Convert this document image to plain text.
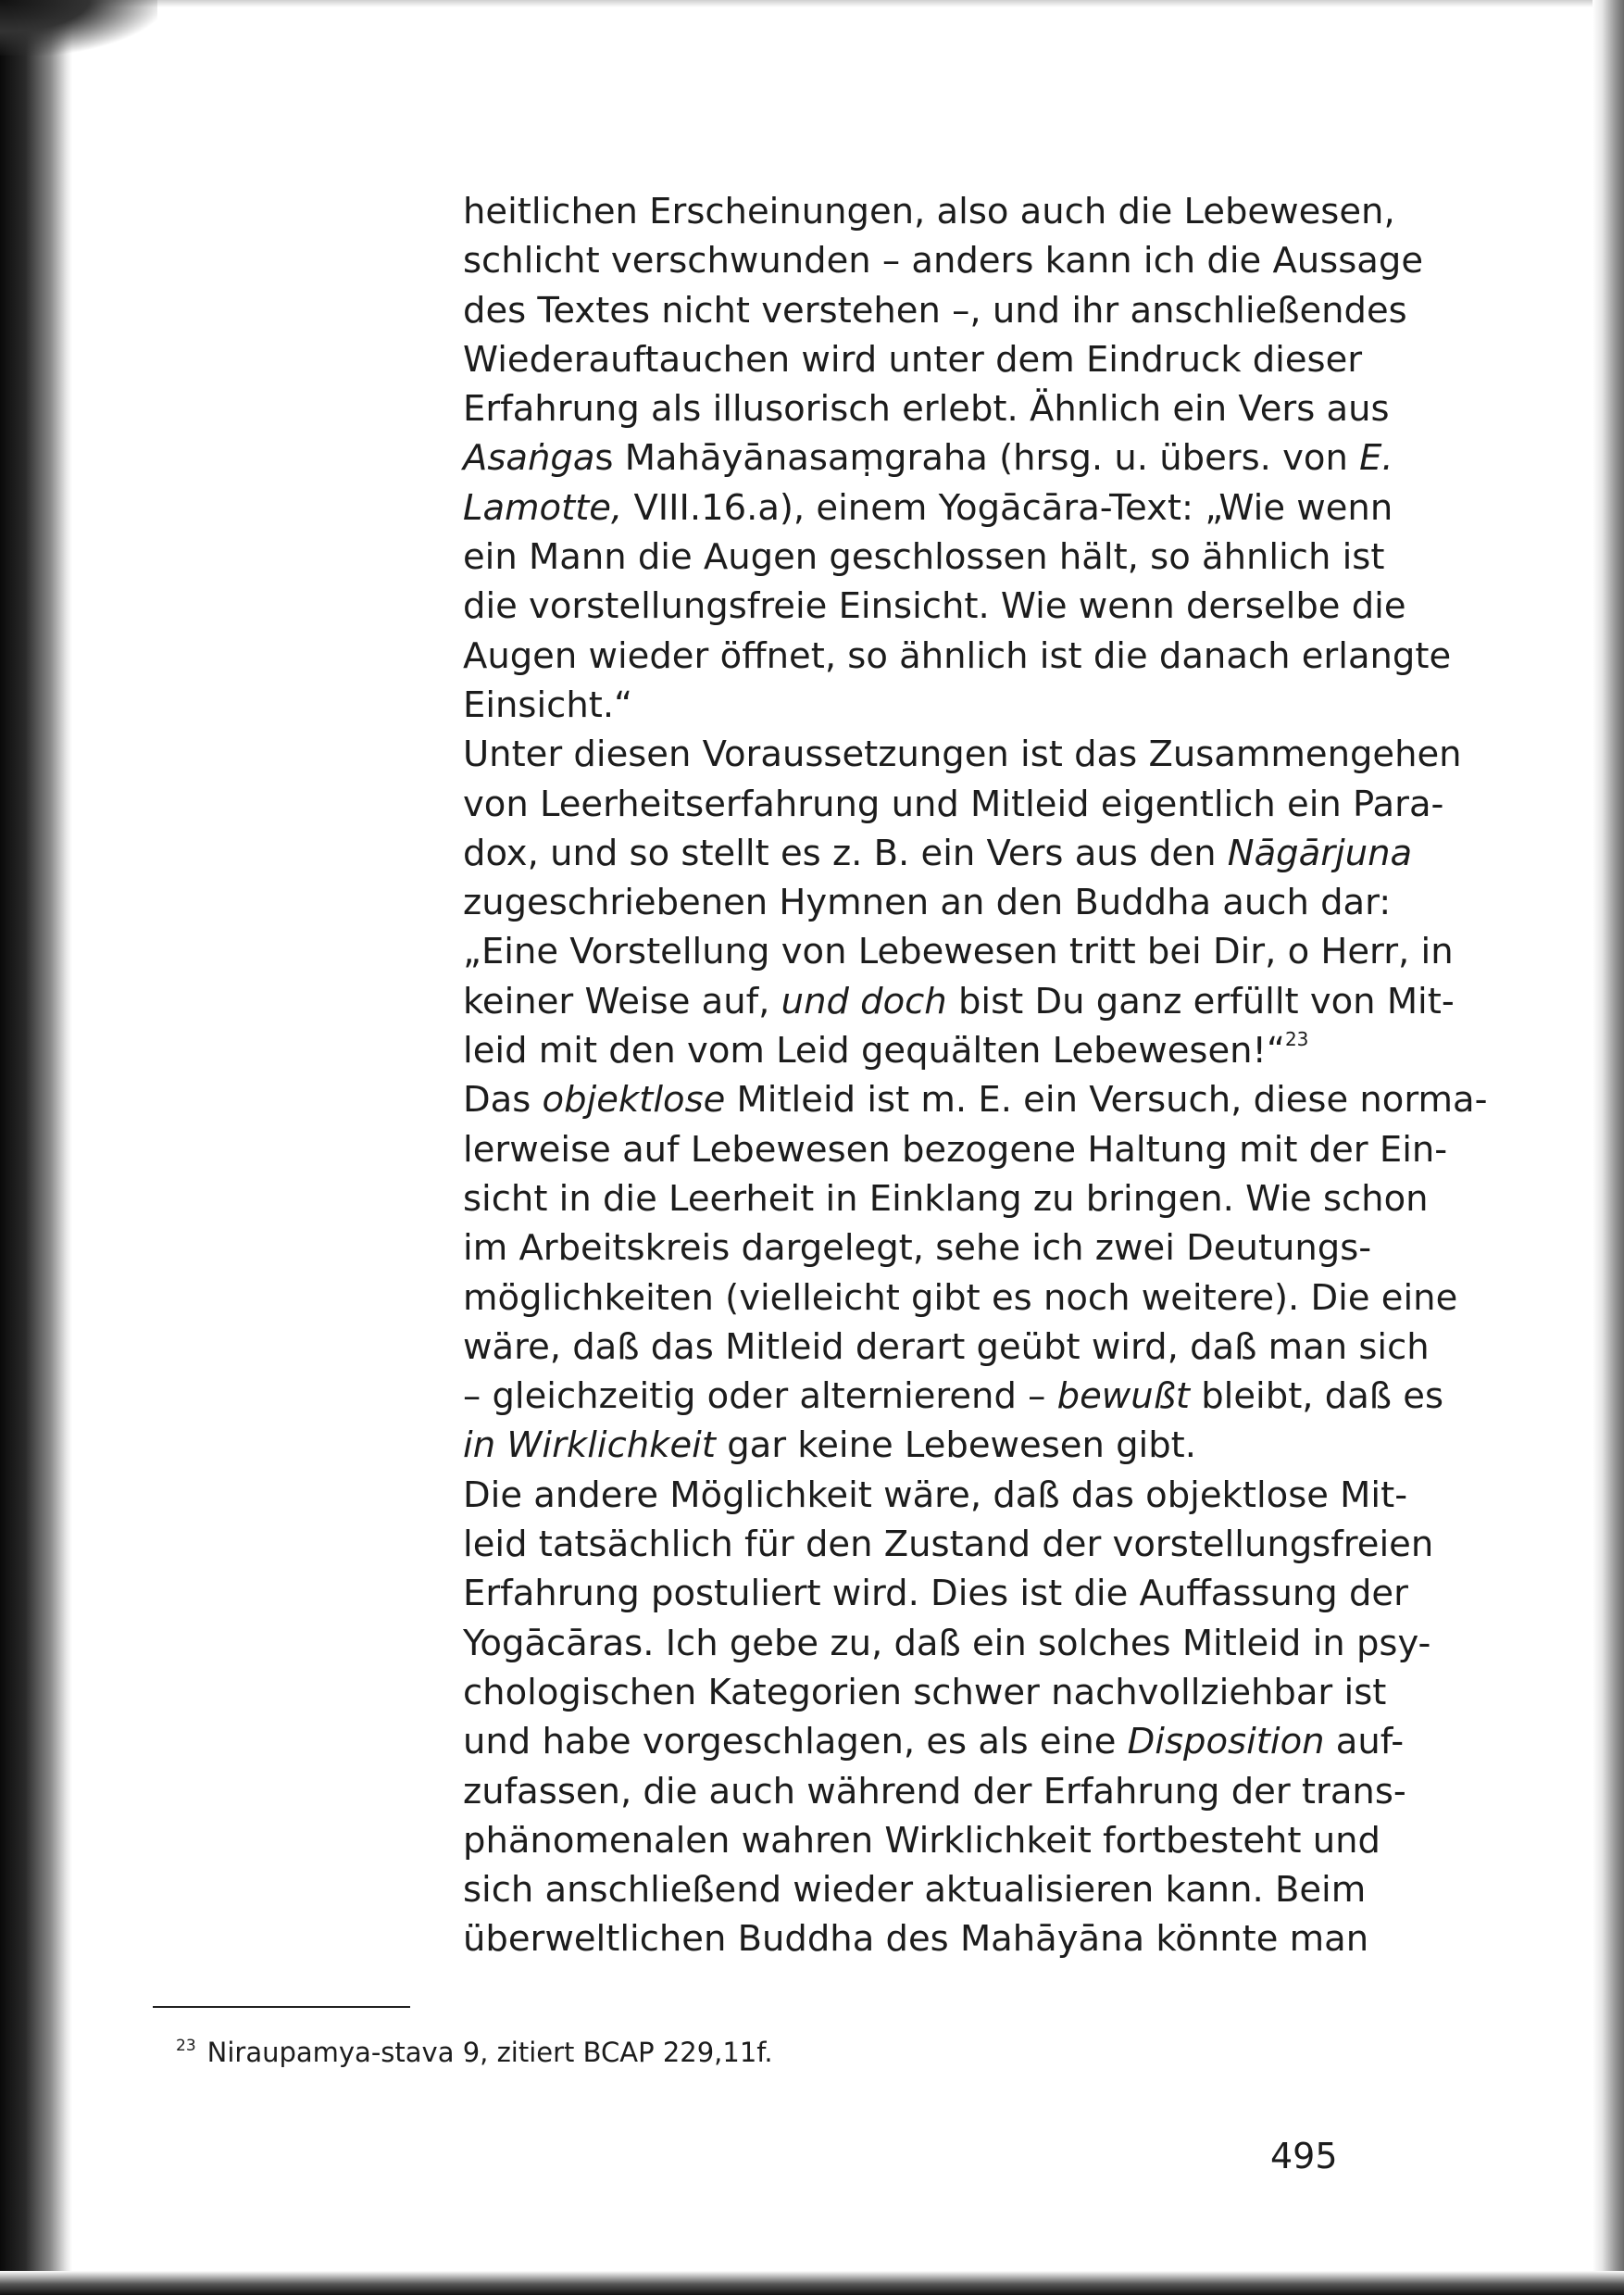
heitlichen Erscheinungen, also auch die Lebewesen,
schlicht verschwunden – anders kann ich die Aussage
des Textes nicht verstehen –, und ihr anschließendes
Wiederauftauchen wird unter dem Eindruck dieser
Erfahrung als illusorisch erlebt. Ähnlich ein Vers aus
Asaṅgas Mahāyānasaṃgraha (hrsg. u. übers. von E.
Lamotte, VIII.16.a), einem Yogācāra-Text: „Wie wenn
ein Mann die Augen geschlossen hält, so ähnlich ist
die vorstellungsfreie Einsicht. Wie wenn derselbe die
Augen wieder öffnet, so ähnlich ist die danach erlangte
Einsicht.“
Unter diesen Voraussetzungen ist das Zusammengehen
von Leerheitserfahrung und Mitleid eigentlich ein Para-
dox, und so stellt es z. B. ein Vers aus den Nāgārjuna
zugeschriebenen Hymnen an den Buddha auch dar:
„Eine Vorstellung von Lebewesen tritt bei Dir, o Herr, in
keiner Weise auf, und doch bist Du ganz erfüllt von Mit-
leid mit den vom Leid gequälten Lebewesen!“$^{23}$
Das objektlose Mitleid ist m. E. ein Versuch, diese norma-
lerweise auf Lebewesen bezogene Haltung mit der Ein-
sicht in die Leerheit in Einklang zu bringen. Wie schon
im Arbeitskreis dargelegt, sehe ich zwei Deutungs-
möglichkeiten (vielleicht gibt es noch weitere). Die eine
wäre, daß das Mitleid derart geübt wird, daß man sich
– gleichzeitig oder alternierend – bewußt bleibt, daß es
in Wirklichkeit gar keine Lebewesen gibt.
Die andere Möglichkeit wäre, daß das objektlose Mit-
leid tatsächlich für den Zustand der vorstellungsfreien
Erfahrung postuliert wird. Dies ist die Auffassung der
Yogācāras. Ich gebe zu, daß ein solches Mitleid in psy-
chologischen Kategorien schwer nachvollziehbar ist
und habe vorgeschlagen, es als eine Disposition auf-
zufassen, die auch während der Erfahrung der trans-
phänomenalen wahren Wirklichkeit fortbesteht und
sich anschließend wieder aktualisieren kann. Beim
überweltlichen Buddha des Mahāyāna könnte man
$^{23}$ Niraupamya-stava 9, zitiert BCAP 229,11f.
495
